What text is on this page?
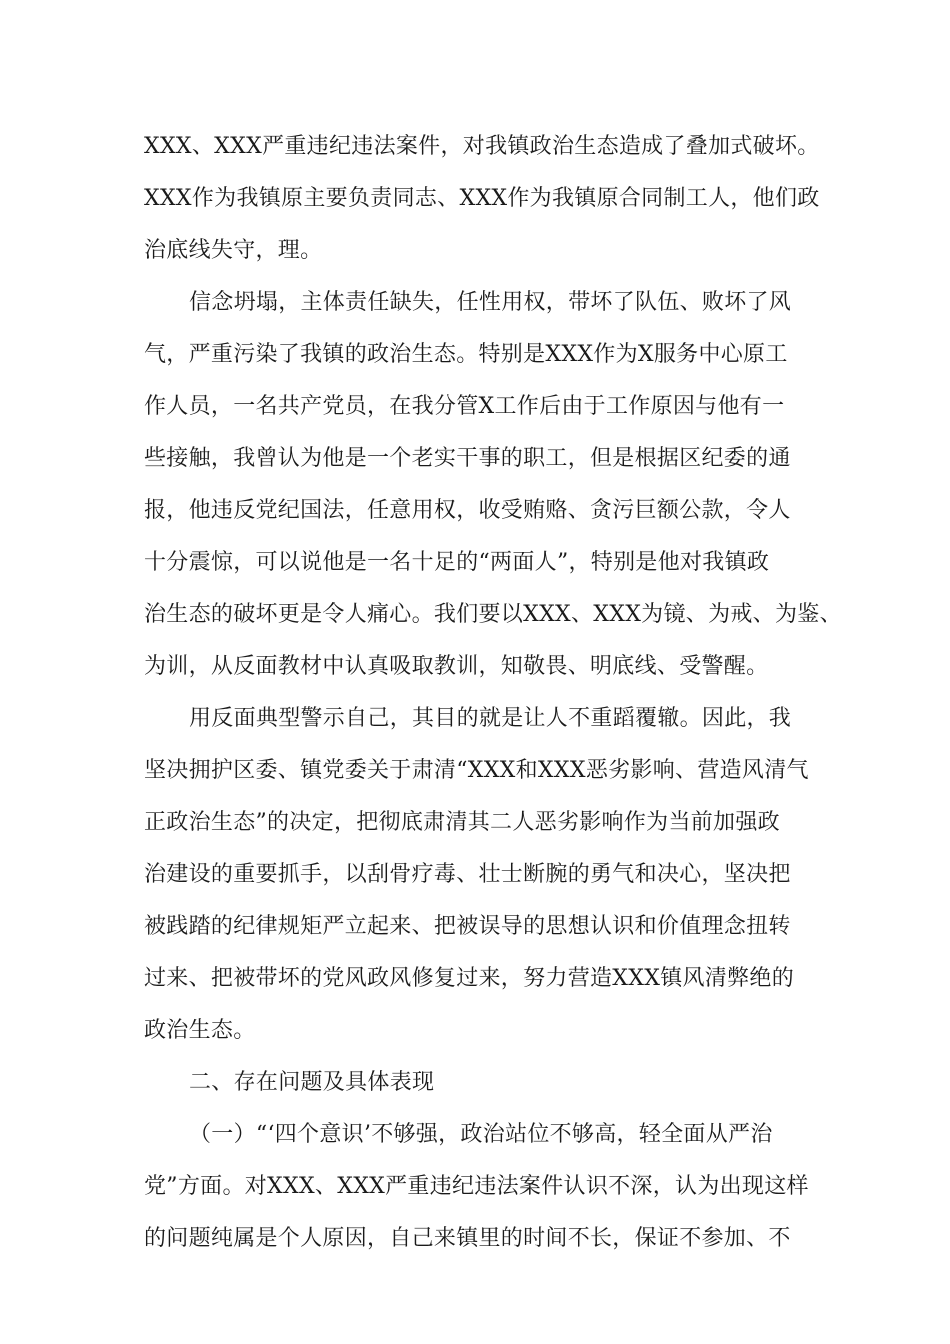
XXX、XXX严重违纪违法案件，对我镇政治生态造成了叠加式破坏。
XXX作为我镇原主要负责同志、XXX作为我镇原合同制工人，他们政
治底线失守，理。
信念坍塌，主体责任缺失，任性用权，带坏了队伍、败坏了风
气，严重污染了我镇的政治生态。特别是XXX作为X服务中心原工
作人员，一名共产党员，在我分管X工作后由于工作原因与他有一
些接触，我曾认为他是一个老实干事的职工，但是根据区纪委的通
报，他违反党纪国法，任意用权，收受贿赂、贪污巨额公款，令人
十分震惊，可以说他是一名十足的“两面人”，特别是他对我镇政
治生态的破坏更是令人痛心。我们要以XXX、XXX为镜、为戒、为鉴、
为训，从反面教材中认真吸取教训，知敬畏、明底线、受警醒。
用反面典型警示自己，其目的就是让人不重蹈覆辙。因此，我
坚决拥护区委、镇党委关于肃清“XXX和XXX恶劣影响、营造风清气
正政治生态”的决定，把彻底肃清其二人恶劣影响作为当前加强政
治建设的重要抓手，以刮骨疗毒、壮士断腕的勇气和决心，坚决把
被践踏的纪律规矩严立起来、把被误导的思想认识和价值理念扭转
过来、把被带坏的党风政风修复过来，努力营造XXX镇风清弊绝的
政治生态。
二、存在问题及具体表现
（一）“‘四个意识’不够强，政治站位不够高，轻全面从严治
党”方面。对XXX、XXX严重违纪违法案件认识不深，认为出现这样
的问题纯属是个人原因，自己来镇里的时间不长，保证不参加、不
